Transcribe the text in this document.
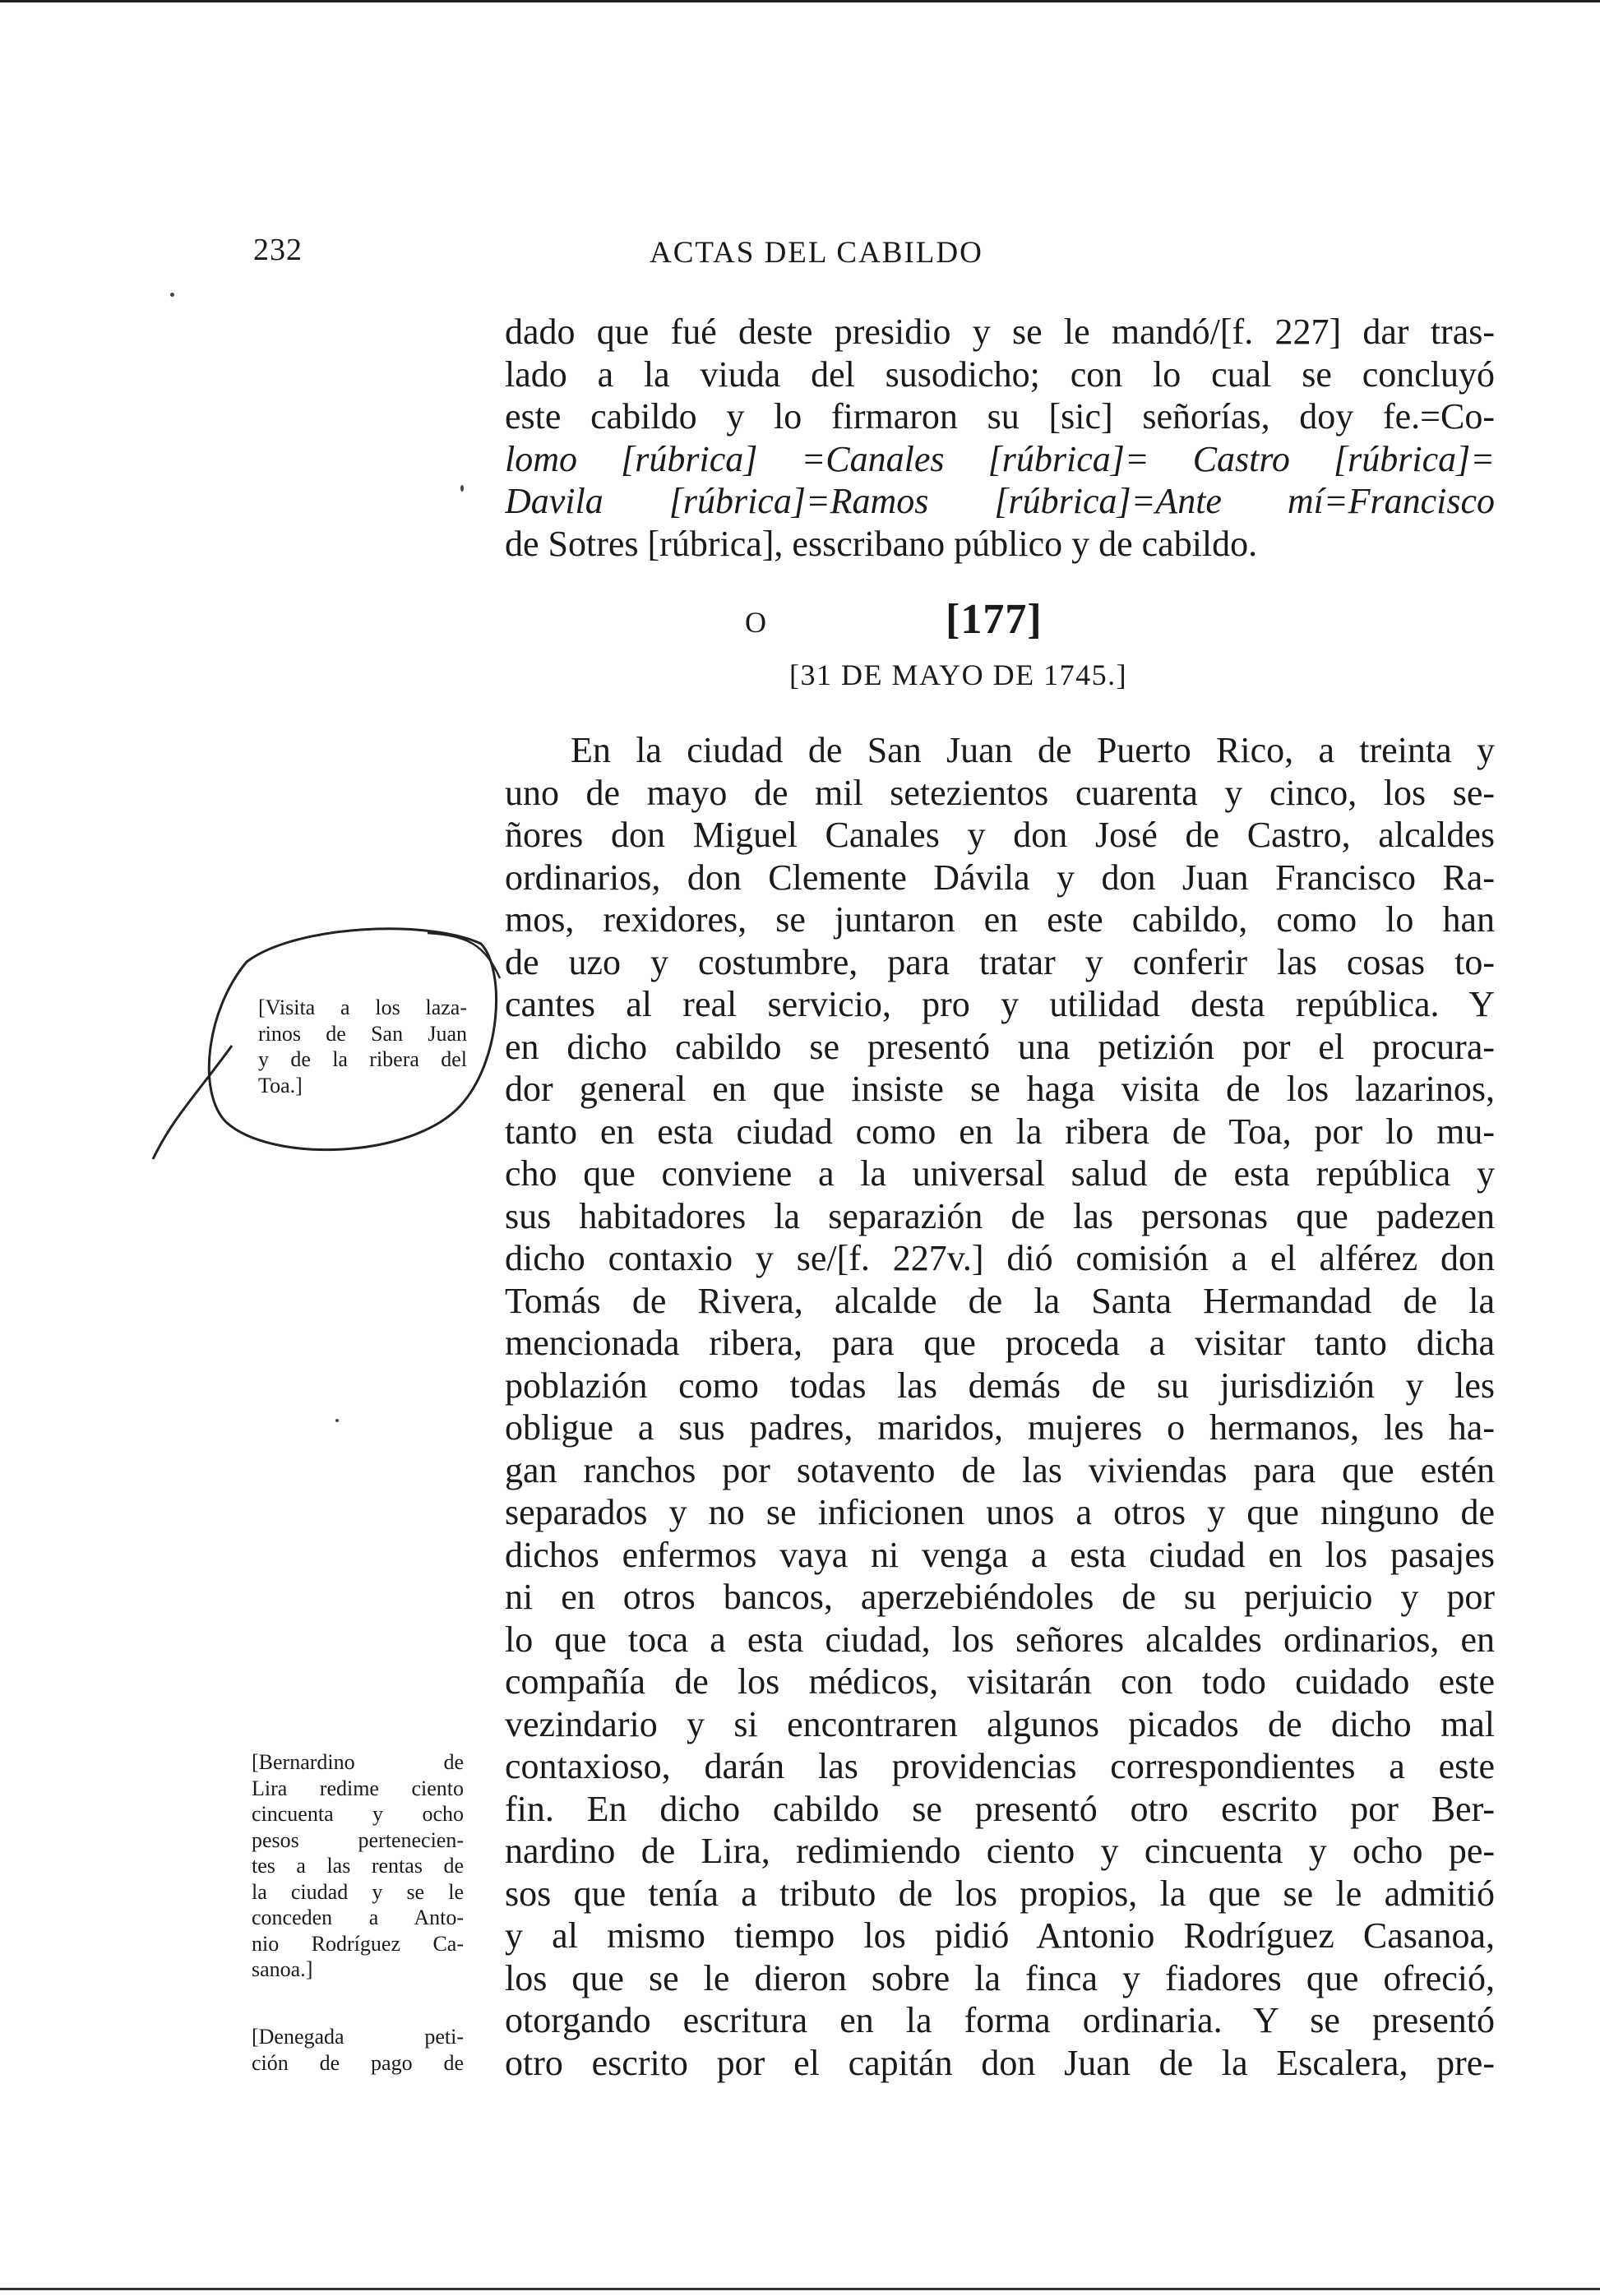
232	ACTAS DEL CABILDO
dado que fué deste presidio y se le mandó/[f. 227] dar tras-
lado a la viuda del susodicho; con lo cual se concluyó
este cabildo y lo firmaron su [sic] señorías, doy fe.=Co-
lomo [rúbrica] =Canales [rúbrica]= Castro [rúbrica]=
Davila [rúbrica]=Ramos [rúbrica]=Ante mí=Francisco
de Sotres [rúbrica], esscribano público y de cabildo.
O	[177]
[31 DE MAYO DE 1745.]
En la ciudad de San Juan de Puerto Rico, a treinta y
uno de mayo de mil setezientos cuarenta y cinco, los se-
ñores don Miguel Canales y don José de Castro, alcaldes
ordinarios, don Clemente Dávila y don Juan Francisco Ra-
mos, rexidores, se juntaron en este cabildo, como lo han
de uzo y costumbre, para tratar y conferir las cosas to-
cantes al real servicio, pro y utilidad desta república. Y
en dicho cabildo se presentó una petizión por el procura-
dor general en que insiste se haga visita de los lazarinos,
tanto en esta ciudad como en la ribera de Toa, por lo mu-
cho que conviene a la universal salud de esta república y
sus habitadores la separazión de las personas que padezen
dicho contaxio y se/[f. 227v.] dió comisión a el alférez don
Tomás de Rivera, alcalde de la Santa Hermandad de la
mencionada ribera, para que proceda a visitar tanto dicha
poblazión como todas las demás de su jurisdizión y les
obligue a sus padres, maridos, mujeres o hermanos, les ha-
gan ranchos por sotavento de las viviendas para que estén
separados y no se inficionen unos a otros y que ninguno de
dichos enfermos vaya ni venga a esta ciudad en los pasajes
ni en otros bancos, aperzebiéndoles de su perjuicio y por
lo que toca a esta ciudad, los señores alcaldes ordinarios, en
compañía de los médicos, visitarán con todo cuidado este
vezindario y si encontraren algunos picados de dicho mal
contaxioso, darán las providencias correspondientes a este
fin. En dicho cabildo se presentó otro escrito por Ber-
nardino de Lira, redimiendo ciento y cincuenta y ocho pe-
sos que tenía a tributo de los propios, la que se le admitió
y al mismo tiempo los pidió Antonio Rodríguez Casanoa,
los que se le dieron sobre la finca y fiadores que ofreció,
otorgando escritura en la forma ordinaria. Y se presentó
otro escrito por el capitán don Juan de la Escalera, pre-
[Visita a los laza-
rinos de San Juan
y de la ribera del
Toa.]
[Bernardino de
Lira redime ciento
cincuenta y ocho
pesos pertenecien-
tes a las rentas de
la ciudad y se le
conceden a Anto-
nio Rodríguez Ca-
sanoa.]
[Denegada peti-
ción de pago de
